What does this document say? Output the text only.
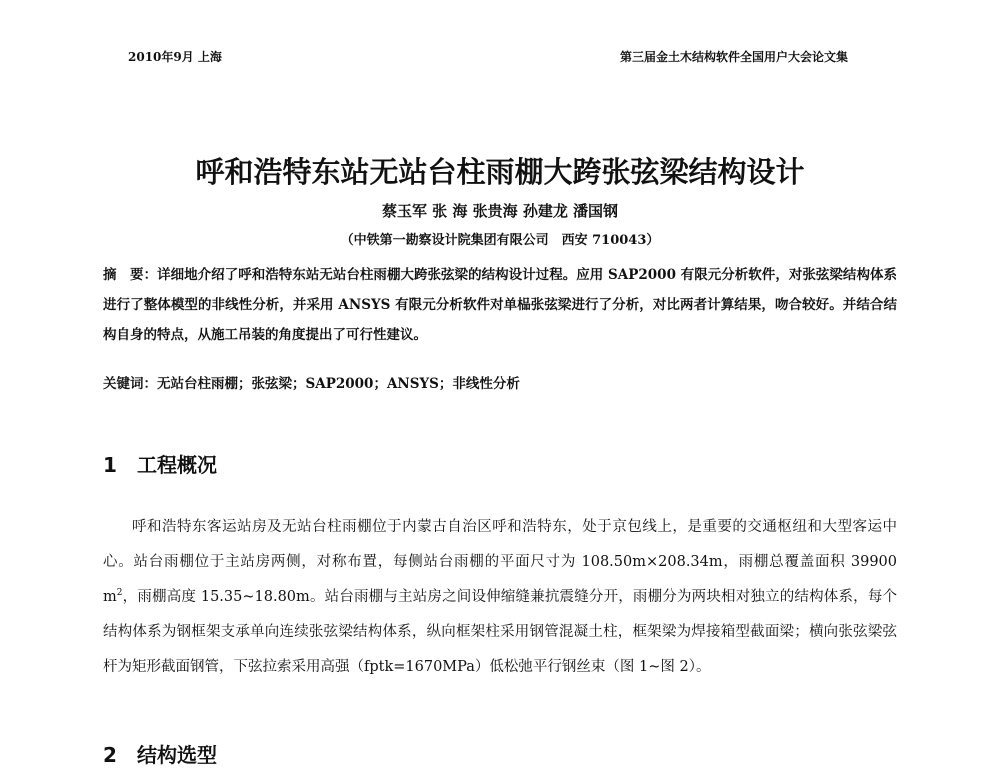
2010年9月 上海	第三届金土木结构软件全国用户大会论文集
呼和浩特东站无站台柱雨棚大跨张弦梁结构设计
蔡玉军 张 海 张贵海 孙建龙 潘国钢
（中铁第一勘察设计院集团有限公司　西安 710043）

摘　要：详细地介绍了呼和浩特东站无站台柱雨棚大跨张弦梁的结构设计过程。应用 SAP2000 有限元分析软件，对张弦梁结构体系进行了整体模型的非线性分析，并采用 ANSYS 有限元分析软件对单榀张弦梁进行了分析，对比两者计算结果，吻合较好。并结合结构自身的特点，从施工吊装的角度提出了可行性建议。

关键词：无站台柱雨棚；张弦梁；SAP2000；ANSYS；非线性分析
1 工程概况

呼和浩特东客运站房及无站台柱雨棚位于内蒙古自治区呼和浩特东，处于京包线上，是重要的交通枢纽和大型客运中心。站台雨棚位于主站房两侧，对称布置，每侧站台雨棚的平面尺寸为 108.50m×208.34m，雨棚总覆盖面积 39900 $m^2$，雨棚高度 15.35~18.80m。站台雨棚与主站房之间设伸缩缝兼抗震缝分开，雨棚分为两块相对独立的结构体系，每个结构体系为钢框架支承单向连续张弦梁结构体系，纵向框架柱采用钢管混凝土柱，框架梁为焊接箱型截面梁；横向张弦梁弦杆为矩形截面钢管，下弦拉索采用高强（fptk=1670MPa）低松弛平行钢丝束（图 1~图 2）。

2 结构选型
